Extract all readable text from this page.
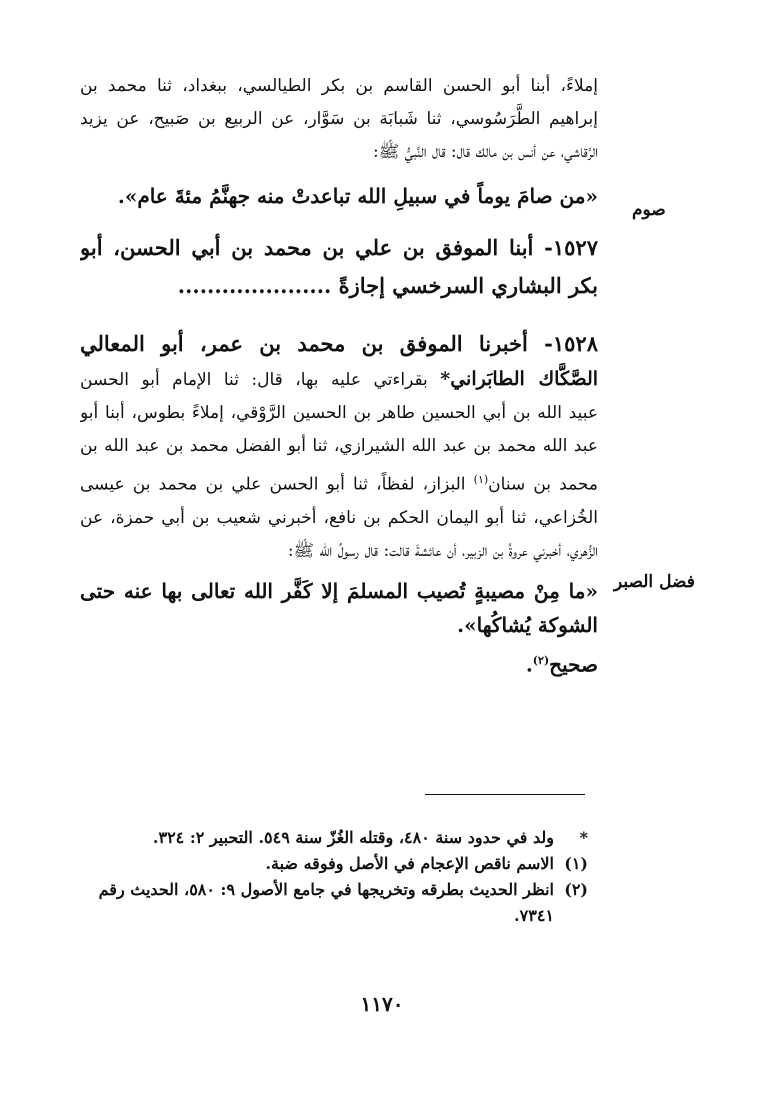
إملاءً، أبنا أبو الحسن القاسم بن بكر الطيالسي، ببغداد، ثنا محمد بن
إبراهيم الطَّرَسُوسي، ثنا شَبابَة بن سَوَّار، عن الربيع بن صَبيح، عن يزيد
الرَّقاشي، عن أنس بن مالك قال: قال النَّبيُّ ﷺ:
«من صامَ يوماً في سبيلِ الله تباعدتْ منه جهنَّمُ مئةَ عام».
١٥٢٧- أبنا الموفق بن علي بن محمد بن أبي الحسن، أبو
بكر البشاري السرخسي إجازةً .....................
١٥٢٨- أخبرنا الموفق بن محمد بن عمر، أبو المعالي
الصَّكَّاك الطابَراني* بقراءتي عليه بها، قال: ثنا الإمام أبو الحسن
عبيد الله بن أبي الحسين طاهر بن الحسين الرَّوْقي، إملاءً بطوس، أبنا أبو
عبد الله محمد بن عبد الله الشيرازي، ثنا أبو الفضل محمد بن عبد الله بن
محمد بن سنان$^{(١)}$ البزاز، لفظاً، ثنا أبو الحسن علي بن محمد بن عيسى
الخُزاعي، ثنا أبو اليمان الحكم بن نافع، أخبرني شعيب بن أبي حمزة، عن
الزُّهري، أخبرني عروةُ بن الزبير، أن عائشةَ قالت: قال رسولُ الله ﷺ:
«ما مِنْ مصيبةٍ تُصيب المسلمَ إلا كَفَّر الله تعالى بها عنه حتى
الشوكة يُشاكُها».
صحيح$^{(٢)}$.
صوم
فضل الصبر
*
ولد في حدود سنة ٤٨٠، وقتله الغُزّ سنة ٥٤٩. التحبير ٢: ٣٢٤.
(١)
الاسم ناقص الإعجام في الأصل وفوقه ضبة.
(٢)
انظر الحديث بطرقه وتخريجها في جامع الأصول ٩: ٥٨٠، الحديث رقم ٧٣٤١.
١١٧٠
